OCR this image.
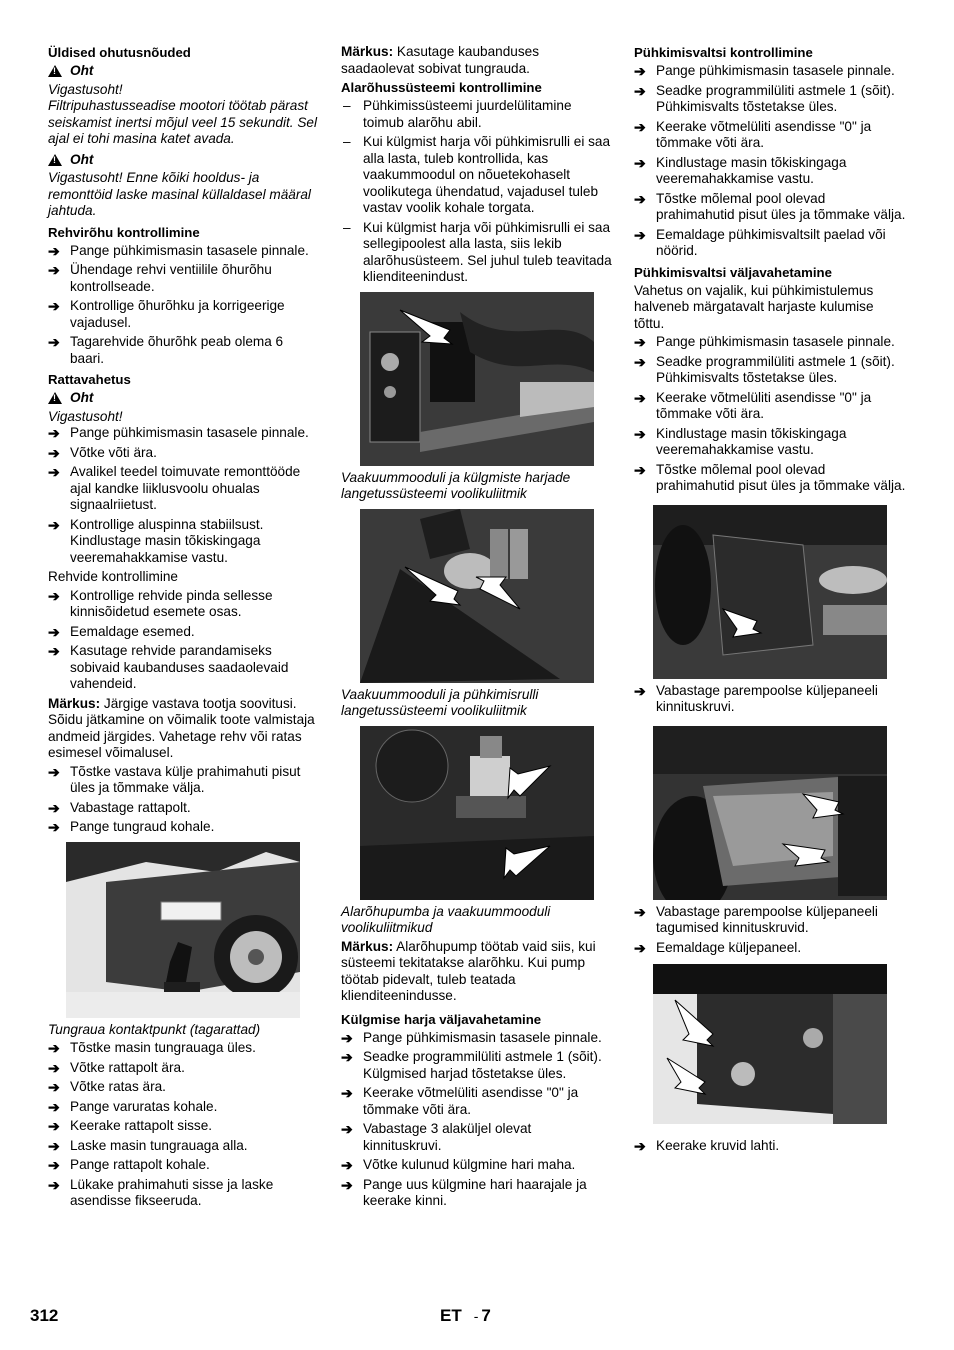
Üldised ohutusnõuded
!
Oht

Vigastusoht!

Filtripuhastusseadise mootori töötab pärast seiskamist inertsi mõjul veel 15 sekundit. Sel ajal ei tohi masina katet avada.

!
Oht

Vigastusoht! Enne kõiki hooldus- ja remonttöid laske masinal küllaldasel määral jahtuda.

Rehvirõhu kontrollimine
➔ Pange pühkimismasin tasasele pinnale.
➔ Ühendage rehvi ventiilile õhurõhu kontrollseade.
➔ Kontrollige õhurõhku ja korrigeerige vajadusel.
➔ Tagarehvide õhurõhk peab olema 6 baari.
Rattavahetus
!
Oht

Vigastusoht!

➔ Pange pühkimismasin tasasele pinnale.
➔ Võtke võti ära.
➔ Avalikel teedel toimuvate remonttööde ajal kandke liiklusvoolu ohualas signaalriietust.
➔ Kontrollige aluspinna stabiilsust. Kindlustage masin tõkiskingaga veeremahakkamise vastu.

Rehvide kontrollimine

➔ Kontrollige rehvide pinda sellesse kinnisõidetud esemete osas.
➔ Eemaldage esemed.
➔ Kasutage rehvide parandamiseks sobivaid kaubanduses saadaolevaid vahendeid.

Märkus: Järgige vastava tootja soovitusi. Sõidu jätkamine on võimalik toote valmistaja andmeid järgides. Vahetage rehv või ratas esimesel võimalusel.

➔ Tõstke vastava külje prahimahuti pisut üles ja tõmmake välja.
➔ Vabastage rattapolt.
➔ Pange tungraud kohale.

Tungraua kontaktpunkt (tagarattad)

➔ Tõstke masin tungrauaga üles.
➔ Võtke rattapolt ära.
➔ Võtke ratas ära.
➔ Pange varuratas kohale.
➔ Keerake rattapolt sisse.
➔ Laske masin tungrauaga alla.
➔ Pange rattapolt kohale.
➔ Lükake prahimahuti sisse ja laske asendisse fikseeruda.

Märkus: Kasutage kaubanduses saadaolevat sobivat tungrauda.

Alarõhussüsteemi kontrollimine
– Pühkimissüsteemi juurdelülitamine toimub alarõhu abil.
– Kui külgmist harja või pühkimisrulli ei saa alla lasta, tuleb kontrollida, kas vaakummoodul on nõuetekohaselt voolikutega ühendatud, vajadusel tuleb vastav voolik kohale torgata.
– Kui külgmist harja või pühkimisrulli ei saa sellegipoolest alla lasta, siis lekib alarõhusüsteem. Sel juhul tuleb teavitada klienditeenindust.

Vaakuummooduli ja külgmiste harjade langetussüsteemi voolikuliitmik

Vaakuummooduli ja pühkimisrulli langetussüsteemi voolikuliitmik

Alarõhupumba ja vaakuummooduli voolikuliitmikud

Märkus: Alarõhupump töötab vaid siis, kui süsteemi tekitatakse alarõhku. Kui pump töötab pidevalt, tuleb teatada klienditeenindusse.

Külgmise harja väljavahetamine
➔ Pange pühkimismasin tasasele pinnale.
➔ Seadke programmilüliti astmele 1 (sõit). Külgmised harjad tõstetakse üles.
➔ Keerake võtmelüliti asendisse "0" ja tõmmake võti ära.
➔ Vabastage 3 alaküljel olevat kinnituskruvi.
➔ Võtke kulunud külgmine hari maha.
➔ Pange uus külgmine hari haarajale ja keerake kinni.
Pühkimisvaltsi kontrollimine
➔ Pange pühkimismasin tasasele pinnale.
➔ Seadke programmilüliti astmele 1 (sõit). Pühkimisvalts tõstetakse üles.
➔ Keerake võtmelüliti asendisse "0" ja tõmmake võti ära.
➔ Kindlustage masin tõkiskingaga veeremahakkamise vastu.
➔ Tõstke mõlemal pool olevad prahimahutid pisut üles ja tõmmake välja.
➔ Eemaldage pühkimisvaltsilt paelad või nöörid.
Pühkimisvaltsi väljavahetamine

Vahetus on vajalik, kui pühkimistulemus halveneb märgatavalt harjaste kulumise tõttu.

➔ Pange pühkimismasin tasasele pinnale.
➔ Seadke programmilüliti astmele 1 (sõit). Pühkimisvalts tõstetakse üles.
➔ Keerake võtmelüliti asendisse "0" ja tõmmake võti ära.
➔ Kindlustage masin tõkiskingaga veeremahakkamise vastu.
➔ Tõstke mõlemal pool olevad prahimahutid pisut üles ja tõmmake välja.
➔ Vabastage parempoolse küljepaneeli kinnituskruvi.
➔ Vabastage parempoolse küljepaneeli tagumised kinnituskruvid.
➔ Eemaldage küljepaneel.
➔ Keerake kruvid lahti.
312	ET - 7
